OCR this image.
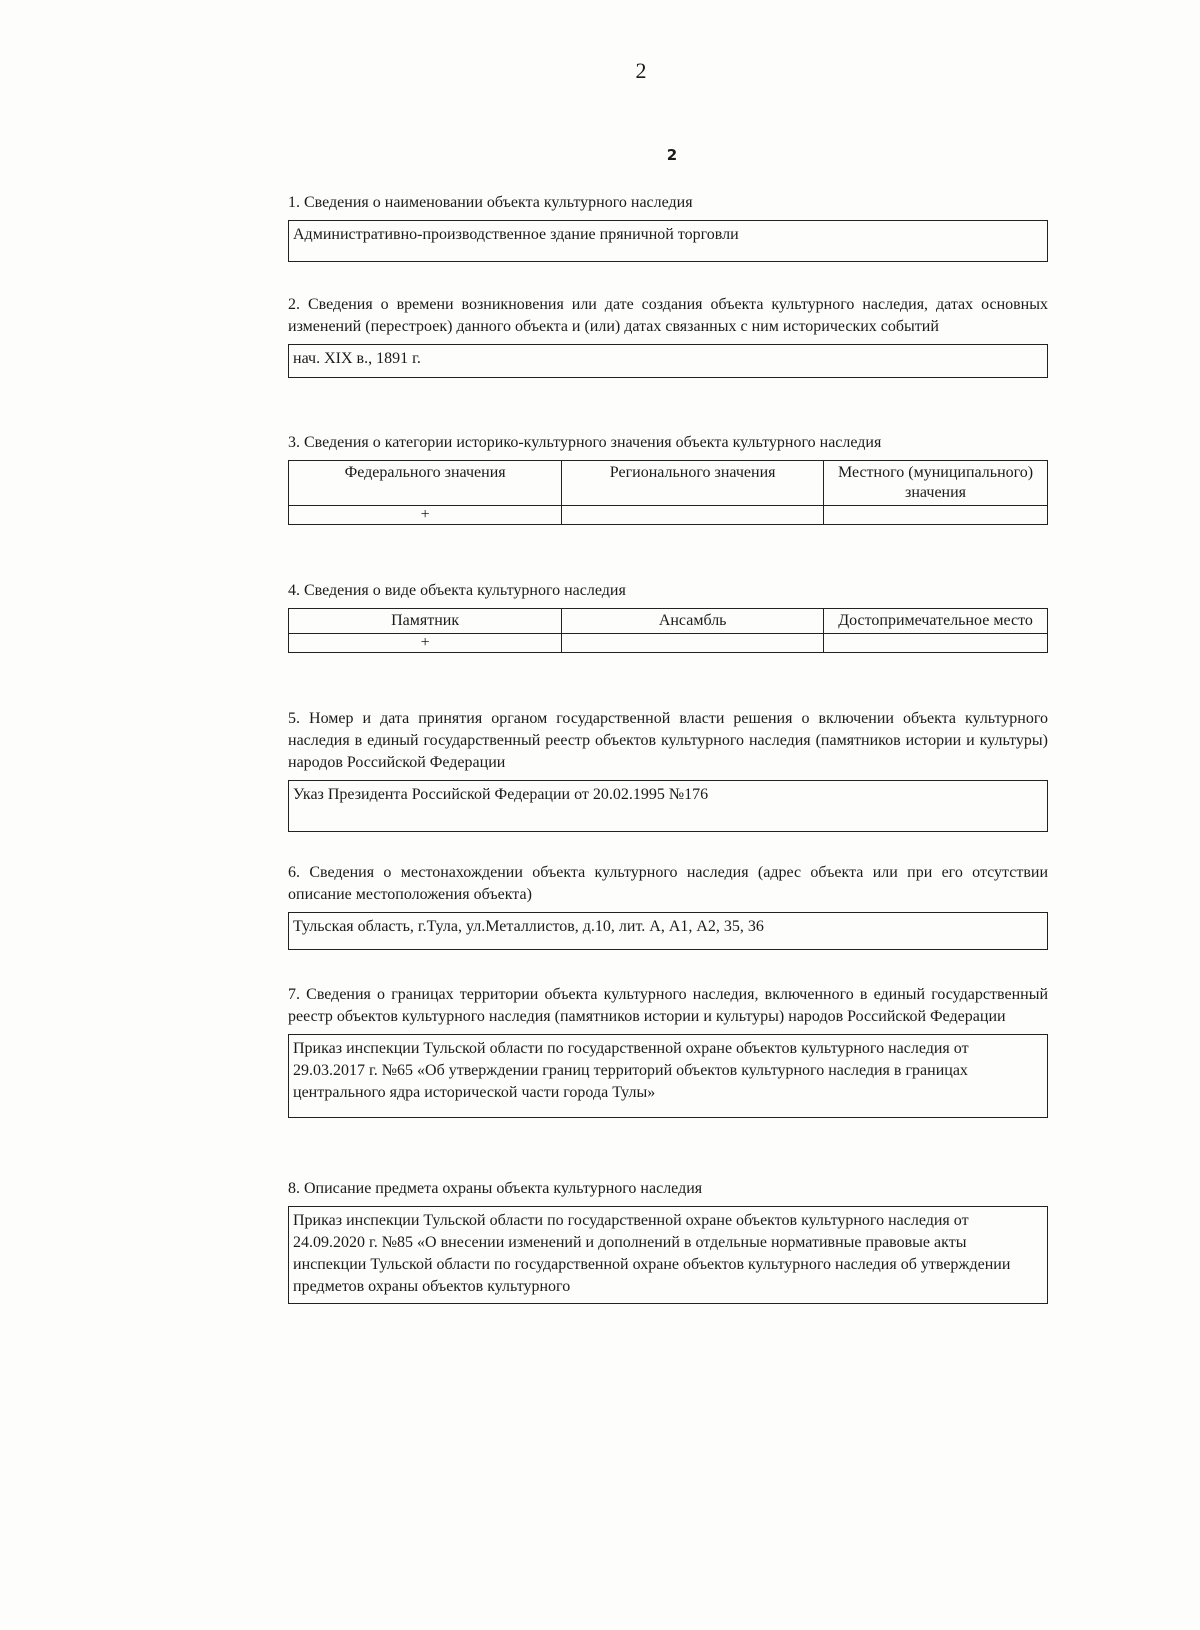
2
2

1. Сведения о наименовании объекта культурного наследия

Административно-производственное здание пряничной торговли

2. Сведения о времени возникновения или дате создания объекта культурного наследия, датах основных изменений (перестроек) данного объекта и (или) датах связанных с ним исторических событий

нач. XIX в., 1891 г.

3. Сведения о категории историко-культурного значения объекта культурного наследия

Федерального значения	Регионального значения	Местного (муниципального) значения
+		

4. Сведения о виде объекта культурного наследия

Памятник	Ансамбль	Достопримечательное место
+		

5. Номер и дата принятия органом государственной власти решения о включении объекта культурного наследия в единый государственный реестр объектов культурного наследия (памятников истории и культуры) народов Российской Федерации

Указ Президента Российской Федерации от 20.02.1995 №176

6. Сведения о местонахождении объекта культурного наследия (адрес объекта или при его отсутствии описание местоположения объекта)

Тульская область, г.Тула, ул.Металлистов, д.10, лит. А, А1, А2, 35, 36

7. Сведения о границах территории объекта культурного наследия, включенного в единый государственный реестр объектов культурного наследия (памятников истории и культуры) народов Российской Федерации

Приказ инспекции Тульской области по государственной охране объектов культурного наследия от 29.03.2017 г. №65 «Об утверждении границ территорий объектов культурного наследия в границах центрального ядра исторической части города Тулы»

8. Описание предмета охраны объекта культурного наследия

Приказ инспекции Тульской области по государственной охране объектов культурного наследия от 24.09.2020 г. №85 «О внесении изменений и дополнений в отдельные нормативные правовые акты инспекции Тульской области по государственной охране объектов культурного наследия об утверждении предметов охраны объектов культурного
